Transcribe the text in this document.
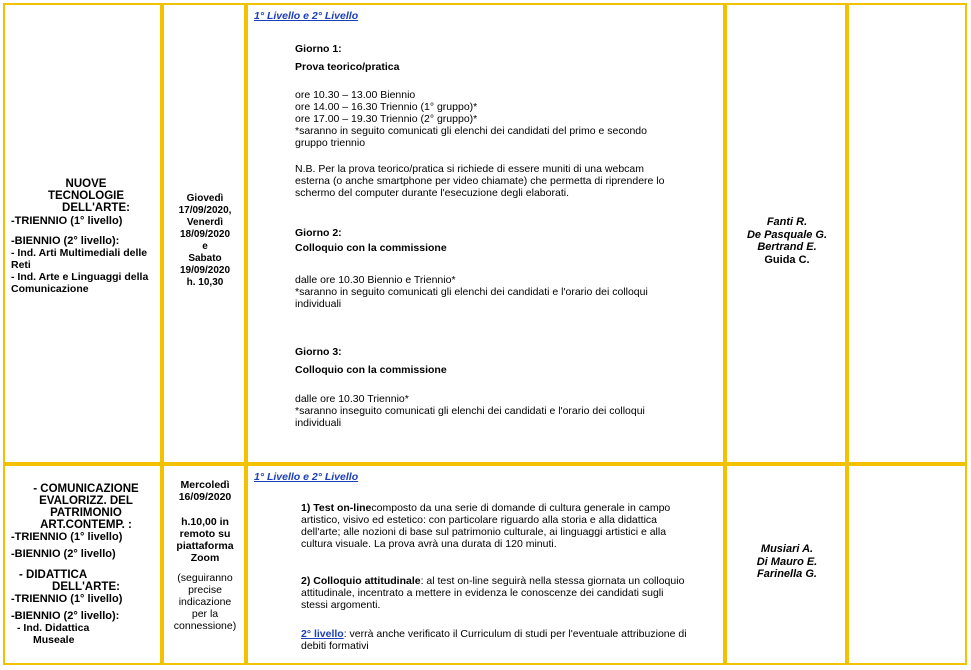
NUOVE
TECNOLOGIE
DELL'ARTE:
-TRIENNIO (1° livello)
-BIENNIO (2° livello):
- Ind. Arti Multimediali delle Reti
- Ind. Arte e Linguaggi della Comunicazione
Giovedì
17/09/2020,
Venerdì
18/09/2020
e
Sabato
19/09/2020
h. 10,30
1° Livello e 2° Livello

Giorno 1:

Prova teorico/pratica

ore 10.30 – 13.00 Biennio
ore 14.00 – 16.30 Triennio (1° gruppo)*
ore 17.00 – 19.30 Triennio (2° gruppo)*
*saranno in seguito comunicati gli elenchi dei candidati del primo e secondo
gruppo triennio
N.B. Per la prova teorico/pratica si richiede di essere muniti di una webcam
esterna (o anche smartphone per video chiamate) che permetta di riprendere lo
schermo del computer durante l'esecuzione degli elaborati.

Giorno 2:

Colloquio con la commissione

dalle ore 10.30 Biennio e Triennio*
*saranno in seguito comunicati gli elenchi dei candidati e l'orario dei colloqui
individuali

Giorno 3:

Colloquio con la commissione

dalle ore 10.30 Triennio*
*saranno inseguito comunicati gli elenchi dei candidati e l'orario dei colloqui
individuali
Fanti R.
De Pasquale G.
Bertrand E.
Guida C.
- COMUNICAZIONE
EVALORIZZ. DEL
PATRIMONIO
ART.CONTEMP. :
-TRIENNIO (1° livello)
-BIENNIO (2° livello)
- DIDATTICA
DELL'ARTE:
-TRIENNIO (1° livello)
-BIENNIO (2° livello):
- Ind. Didattica
Museale
Mercoledì
16/09/2020
h.10,00 in
remoto su
piattaforma
Zoom
(seguiranno
precise
indicazione
per la
connessione)
1° Livello e 2° Livello
1) Test on-linecomposto da una serie di domande di cultura generale in campo
artistico, visivo ed estetico: con particolare riguardo alla storia e alla didattica
dell'arte; alle nozioni di base sul patrimonio culturale, ai linguaggi artistici e alla
cultura visuale. La prova avrà una durata di 120 minuti.
2) Colloquio attitudinale: al test on-line seguirà nella stessa giornata un colloquio
attitudinale, incentrato a mettere in evidenza le conoscenze dei candidati sugli
stessi argomenti.
2° livello: verrà anche verificato il Curriculum di studi per l'eventuale attribuzione di
debiti formativi
Musiari A.
Di Mauro E.
Farinella G.
